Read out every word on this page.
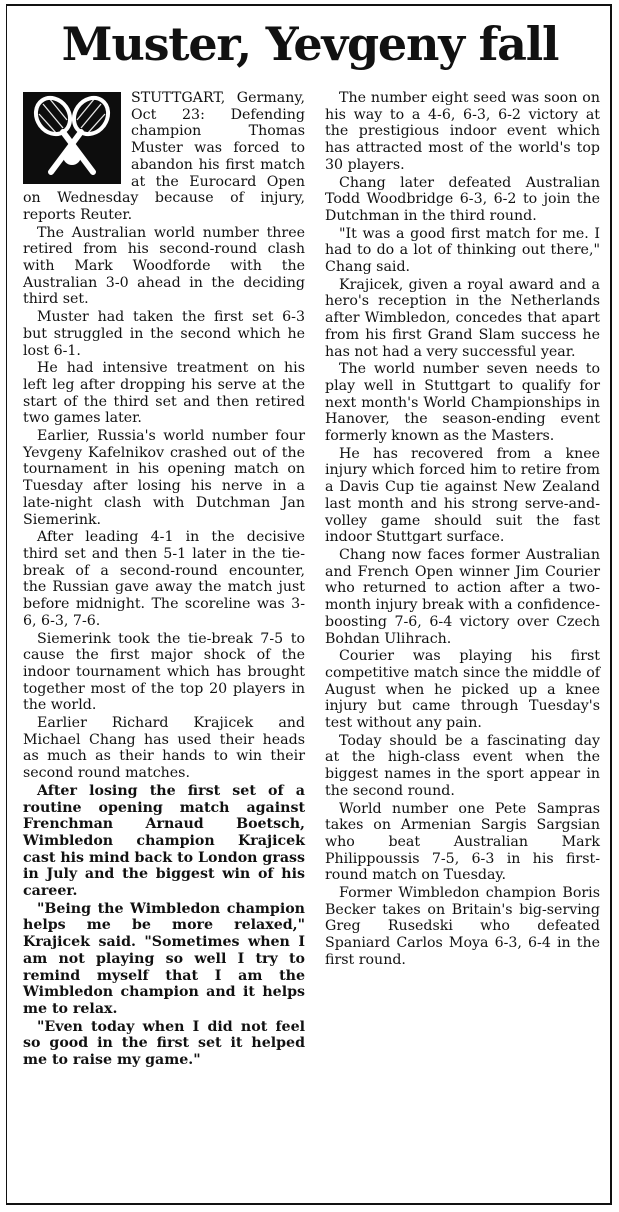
Muster, Yevgeny fall

STUTTGART, Germany, Oct 23: Defending champion Thomas Muster was forced to abandon his first match at the Eurocard Open on Wednesday because of injury, reports Reuter.

The Australian world number three retired from his second-round clash with Mark Woodforde with the Australian 3-0 ahead in the deciding third set.

Muster had taken the first set 6-3 but struggled in the second which he lost 6-1.

He had intensive treatment on his left leg after dropping his serve at the start of the third set and then retired two games later.

Earlier, Russia's world number four Yevgeny Kafelnikov crashed out of the tournament in his opening match on Tuesday after losing his nerve in a late-night clash with Dutchman Jan Siemerink.

After leading 4-1 in the decisive third set and then 5-1 later in the tie-break of a second-round encounter, the Russian gave away the match just before midnight. The scoreline was 3-6, 6-3, 7-6.

Siemerink took the tie-break 7-5 to cause the first major shock of the indoor tournament which has brought together most of the top 20 players in the world.

Earlier Richard Krajicek and Michael Chang has used their heads as much as their hands to win their second round matches.

After losing the first set of a routine opening match against Frenchman Arnaud Boetsch, Wimbledon champion Krajicek cast his mind back to London grass in July and the biggest win of his career.

"Being the Wimbledon champion helps me be more relaxed," Krajicek said. "Sometimes when I am not playing so well I try to remind myself that I am the Wimbledon champion and it helps me to relax.

"Even today when I did not feel so good in the first set it helped me to raise my game."

The number eight seed was soon on his way to a 4-6, 6-3, 6-2 victory at the prestigious indoor event which has attracted most of the world's top 30 players.

Chang later defeated Australian Todd Woodbridge 6-3, 6-2 to join the Dutchman in the third round.

"It was a good first match for me. I had to do a lot of thinking out there," Chang said.

Krajicek, given a royal award and a hero's reception in the Netherlands after Wimbledon, concedes that apart from his first Grand Slam success he has not had a very successful year.

The world number seven needs to play well in Stuttgart to qualify for next month's World Championships in Hanover, the season-ending event formerly known as the Masters.

He has recovered from a knee injury which forced him to retire from a Davis Cup tie against New Zealand last month and his strong serve-and-volley game should suit the fast indoor Stuttgart surface.

Chang now faces former Australian and French Open winner Jim Courier who returned to action after a two-month injury break with a confidence-boosting 7-6, 6-4 victory over Czech Bohdan Ulihrach.

Courier was playing his first competitive match since the middle of August when he picked up a knee injury but came through Tuesday's test without any pain.

Today should be a fascinating day at the high-class event when the biggest names in the sport appear in the second round.

World number one Pete Sampras takes on Armenian Sargis Sargsian who beat Australian Mark Philippoussis 7-5, 6-3 in his first-round match on Tuesday.

Former Wimbledon champion Boris Becker takes on Britain's big-serving Greg Rusedski who defeated Spaniard Carlos Moya 6-3, 6-4 in the first round.
